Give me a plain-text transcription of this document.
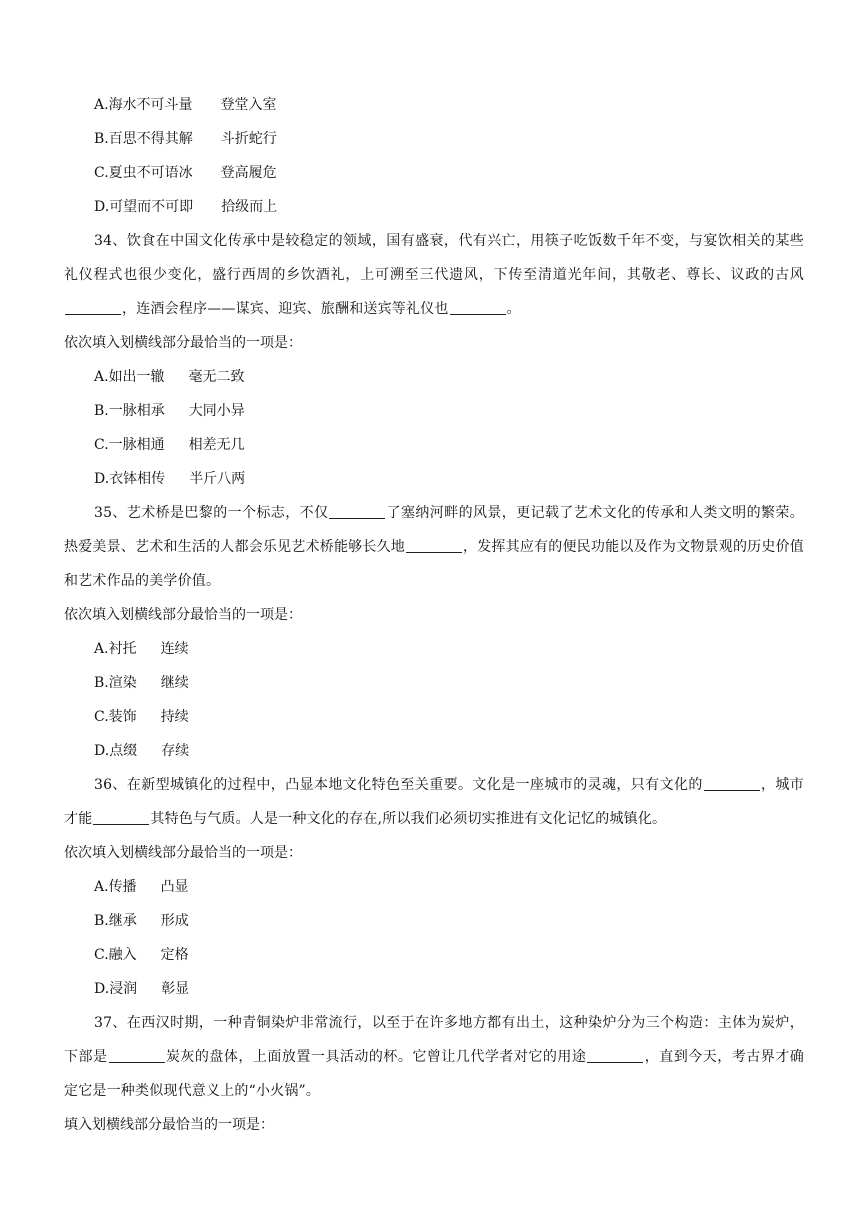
A.海水不可斗量 登堂入室
B.百思不得其解 斗折蛇行
C.夏虫不可语冰 登高履危
D.可望而不可即 拾级而上
34、饮食在中国文化传承中是较稳定的领域，国有盛衰，代有兴亡，用筷子吃饭数千年不变，与宴饮相关的某些礼仪程式也很少变化，盛行西周的乡饮酒礼，上可溯至三代遗风，下传至清道光年间，其敬老、尊长、议政的古风，连酒会程序——谋宾、迎宾、旅酬和送宾等礼仪也	。
依次填入划横线部分最恰当的一项是：
A.如出一辙 毫无二致
B.一脉相承 大同小异
C.一脉相通 相差无几
D.衣钵相传 半斤八两
35、艺术桥是巴黎的一个标志，不仅	了塞纳河畔的风景，更记载了艺术文化的传承和人类文明的繁荣。热爱美景、艺术和生活的人都会乐见艺术桥能够长久地	，发挥其应有的便民功能以及作为文物景观的历史价值和艺术作品的美学价值。
依次填入划横线部分最恰当的一项是：
A.衬托 连续
B.渲染 继续
C.装饰 持续
D.点缀 存续
36、在新型城镇化的过程中，凸显本地文化特色至关重要。文化是一座城市的灵魂，只有文化的	，城市才能	其特色与气质。人是一种文化的存在,所以我们必须切实推进有文化记忆的城镇化。
依次填入划横线部分最恰当的一项是：
A.传播 凸显
B.继承 形成
C.融入 定格
D.浸润 彰显
37、在西汉时期，一种青铜染炉非常流行，以至于在许多地方都有出土，这种染炉分为三个构造：主体为炭炉，下部是	炭灰的盘体，上面放置一具活动的杯。它曾让几代学者对它的用途	，直到今天，考古界才确定它是一种类似现代意义上的“小火锅”。
填入划横线部分最恰当的一项是：
